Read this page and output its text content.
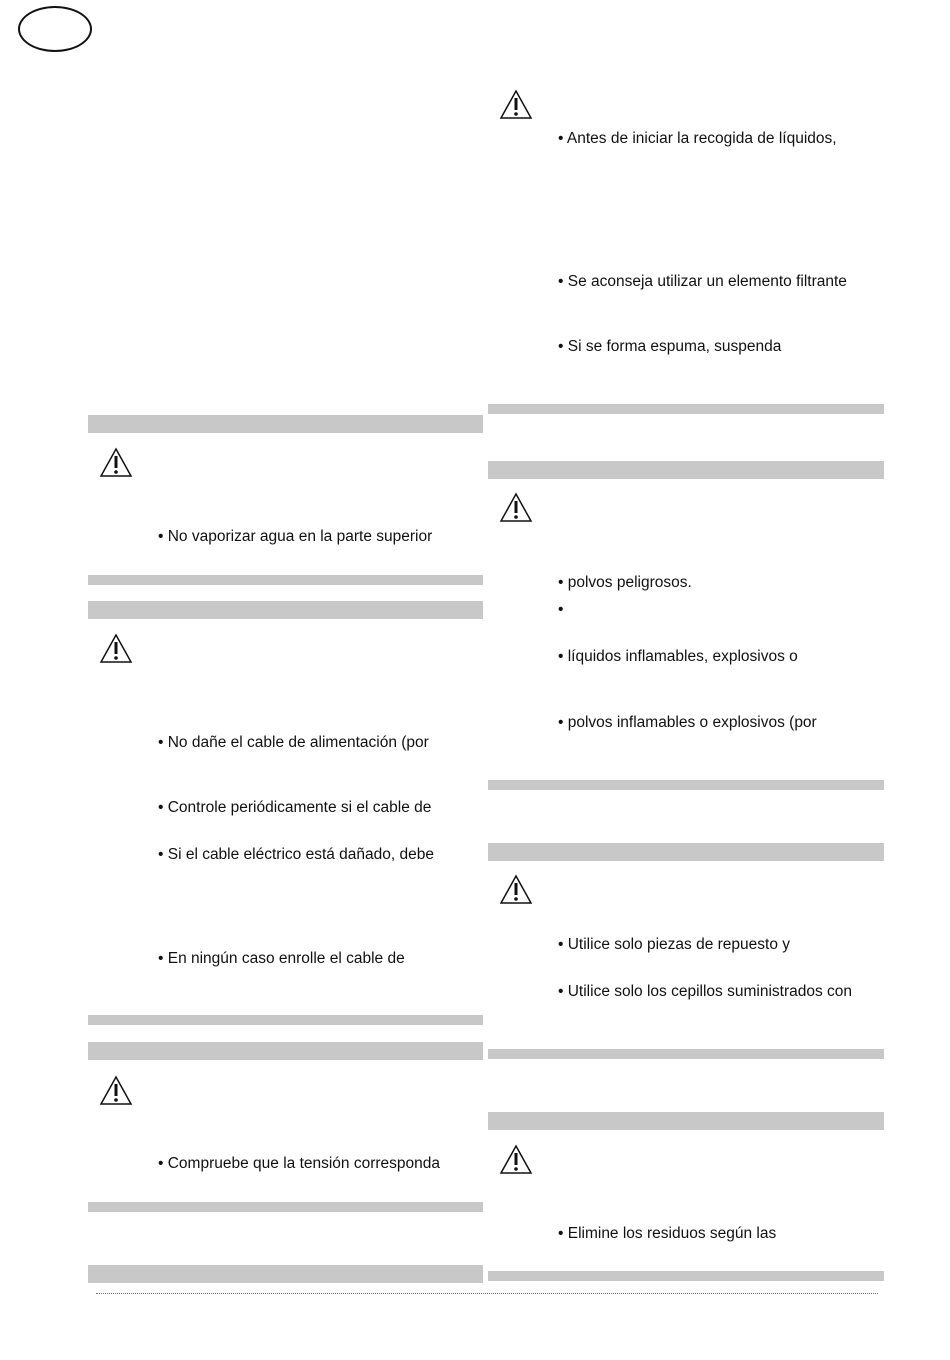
• Antes de iniciar la recogida de líquidos,
• Se aconseja utilizar un elemento filtrante
• Si se forma espuma, suspenda
• No vaporizar agua en la parte superior
• polvos peligrosos.
•
• líquidos inflamables, explosivos o
• polvos inflamables o explosivos (por
• No dañe el cable de alimentación (por
• Controle periódicamente si el cable de
• Si el cable eléctrico está dañado, debe
• En ningún caso enrolle el cable de
• Utilice solo piezas de repuesto y
• Utilice solo los cepillos suministrados con
• Compruebe que la tensión corresponda
• Elimine los residuos según las
